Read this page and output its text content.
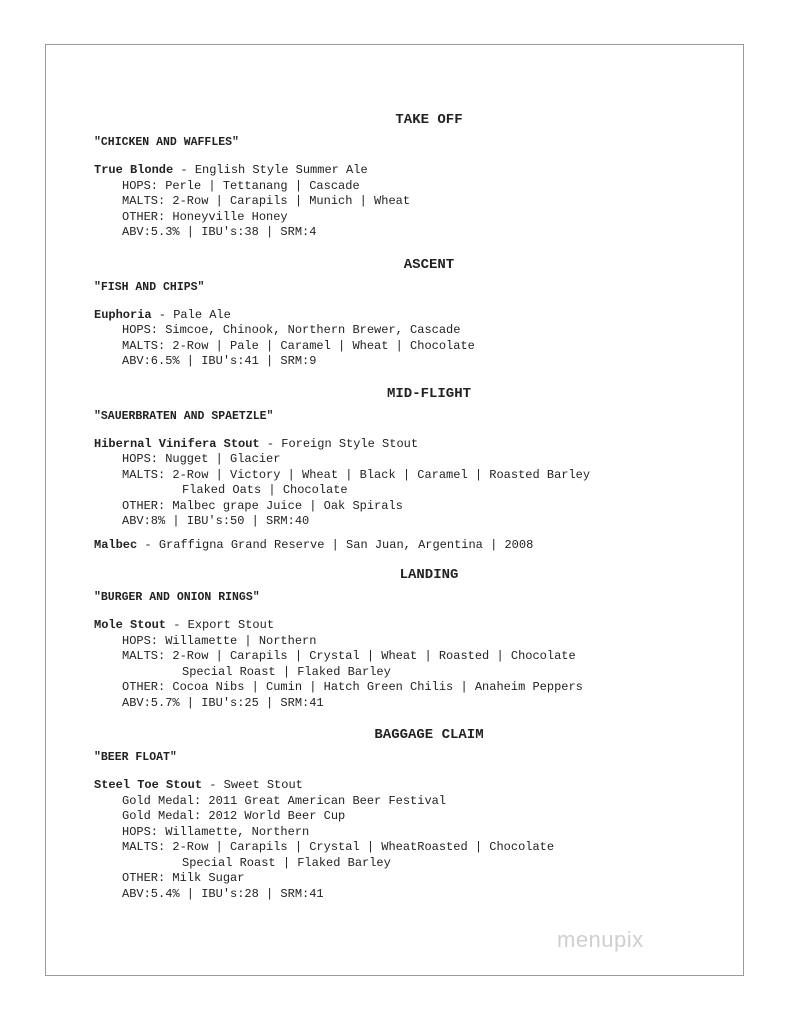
TAKE OFF
"CHICKEN AND WAFFLES"
True Blonde - English Style Summer Ale
HOPS: Perle | Tettanang | Cascade
MALTS: 2-Row | Carapils | Munich | Wheat
OTHER: Honeyville Honey
ABV:5.3% | IBU's:38 | SRM:4
ASCENT
"FISH AND CHIPS"
Euphoria - Pale Ale
HOPS: Simcoe, Chinook, Northern Brewer, Cascade
MALTS: 2-Row | Pale | Caramel | Wheat | Chocolate
ABV:6.5% | IBU's:41 | SRM:9
MID-FLIGHT
"SAUERBRATEN AND SPAETZLE"
Hibernal Vinifera Stout - Foreign Style Stout
HOPS: Nugget | Glacier
MALTS: 2-Row | Victory | Wheat | Black | Caramel | Roasted Barley
Flaked Oats | Chocolate
OTHER: Malbec grape Juice | Oak Spirals
ABV:8% | IBU's:50 | SRM:40
Malbec - Graffigna Grand Reserve | San Juan, Argentina | 2008
LANDING
"BURGER AND ONION RINGS"
Mole Stout - Export Stout
HOPS: Willamette | Northern
MALTS: 2-Row | Carapils | Crystal | Wheat | Roasted | Chocolate
Special Roast | Flaked Barley
OTHER: Cocoa Nibs | Cumin | Hatch Green Chilis | Anaheim Peppers
ABV:5.7% | IBU's:25 | SRM:41
BAGGAGE CLAIM
"BEER FLOAT"
Steel Toe Stout - Sweet Stout
Gold Medal: 2011 Great American Beer Festival
Gold Medal: 2012 World Beer Cup
HOPS: Willamette, Northern
MALTS: 2-Row | Carapils | Crystal | WheatRoasted | Chocolate
Special Roast | Flaked Barley
OTHER: Milk Sugar
ABV:5.4% | IBU's:28 | SRM:41
menupix
